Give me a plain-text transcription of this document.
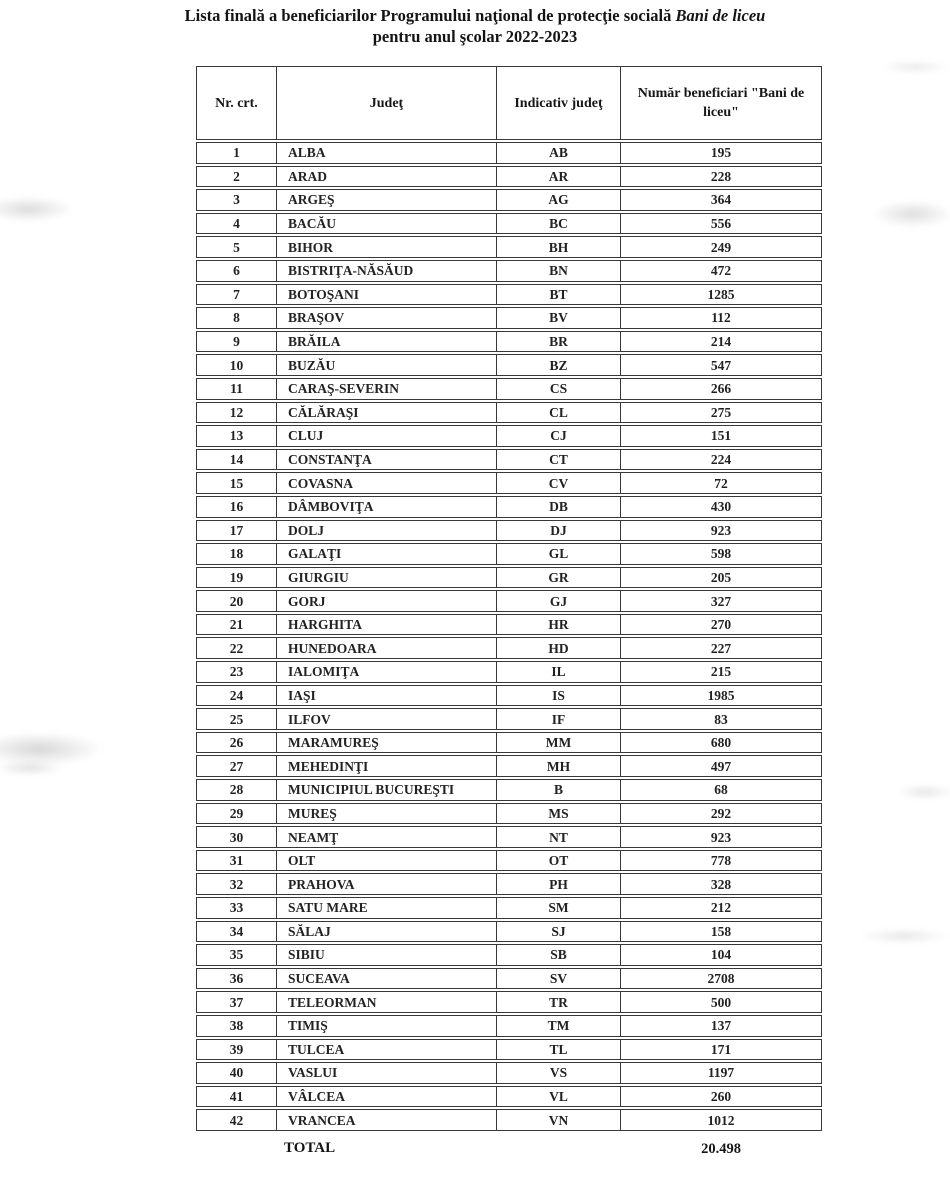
Lista finală a beneficiarilor Programului naţional de protecţie socială Bani de liceu
pentru anul şcolar 2022-2023
Nr. crt.	Judeţ	Indicativ judeţ	Număr beneficiari "Bani de liceu"
1	ALBA	AB	195
2	ARAD	AR	228
3	ARGEŞ	AG	364
4	BACĂU	BC	556
5	BIHOR	BH	249
6	BISTRIŢA-NĂSĂUD	BN	472
7	BOTOŞANI	BT	1285
8	BRAŞOV	BV	112
9	BRĂILA	BR	214
10	BUZĂU	BZ	547
11	CARAŞ-SEVERIN	CS	266
12	CĂLĂRAŞI	CL	275
13	CLUJ	CJ	151
14	CONSTANŢA	CT	224
15	COVASNA	CV	72
16	DÂMBOVIŢA	DB	430
17	DOLJ	DJ	923
18	GALAŢI	GL	598
19	GIURGIU	GR	205
20	GORJ	GJ	327
21	HARGHITA	HR	270
22	HUNEDOARA	HD	227
23	IALOMIŢA	IL	215
24	IAŞI	IS	1985
25	ILFOV	IF	83
26	MARAMUREŞ	MM	680
27	MEHEDINŢI	MH	497
28	MUNICIPIUL BUCUREŞTI	B	68
29	MUREŞ	MS	292
30	NEAMŢ	NT	923
31	OLT	OT	778
32	PRAHOVA	PH	328
33	SATU MARE	SM	212
34	SĂLAJ	SJ	158
35	SIBIU	SB	104
36	SUCEAVA	SV	2708
37	TELEORMAN	TR	500
38	TIMIŞ	TM	137
39	TULCEA	TL	171
40	VASLUI	VS	1197
41	VÂLCEA	VL	260
42	VRANCEA	VN	1012
TOTAL	20.498
